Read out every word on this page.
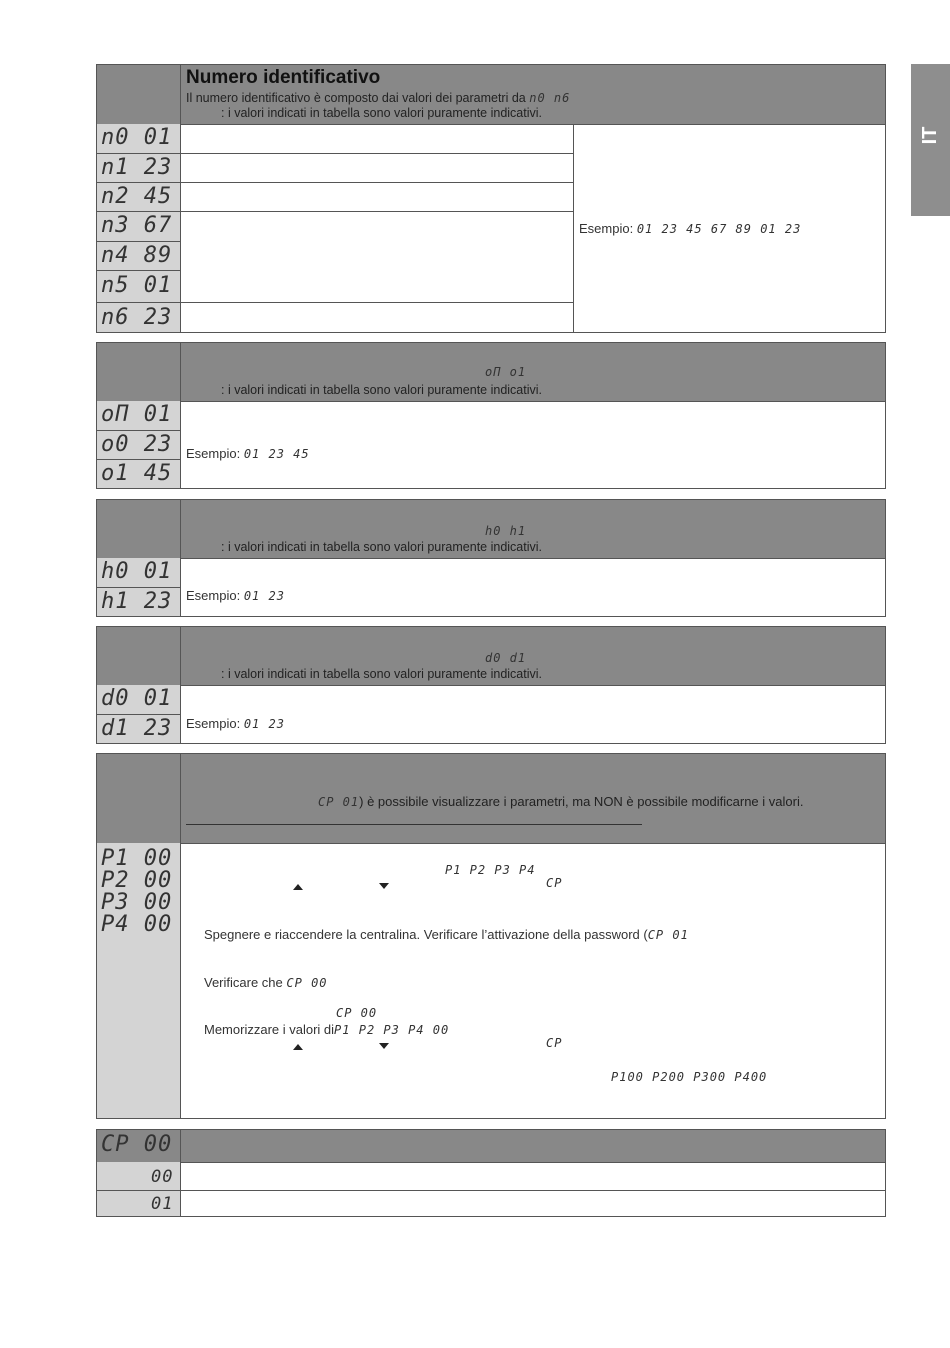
IT
Numero identificativo
Il numero identificativo è composto dai valori dei parametri da n0 n6
: i valori indicati in tabella sono valori puramente indicativi.
n0 01
n1 23
n2 45
n3 67
n4 89
n5 01
n6 23
Esempio: 01 23 45 67 89 01 23
oΠ o1
: i valori indicati in tabella sono valori puramente indicativi.
oΠ 01
o0 23
o1 45
Esempio: 01 23 45
h0 h1
: i valori indicati in tabella sono valori puramente indicativi.
h0 01
h1 23 Esempio: 01 23
d0 d1
: i valori indicati in tabella sono valori puramente indicativi.
d0 01
d1 23 Esempio: 01 23
CP 01) è possibile visualizzare i parametri, ma NON è possibile modificarne i valori.
P1 00
P2 00
P3 00
P4 00
P1 P2 P3 P4
CP
Spegnere e riaccendere la centralina. Verificare l’attivazione della password (CP 01
Verificare che CP 00
CP 00
Memorizzare i valori diP1 P2 P3 P4 00
CP
P100 P200 P300 P400
CP 00
00
01
